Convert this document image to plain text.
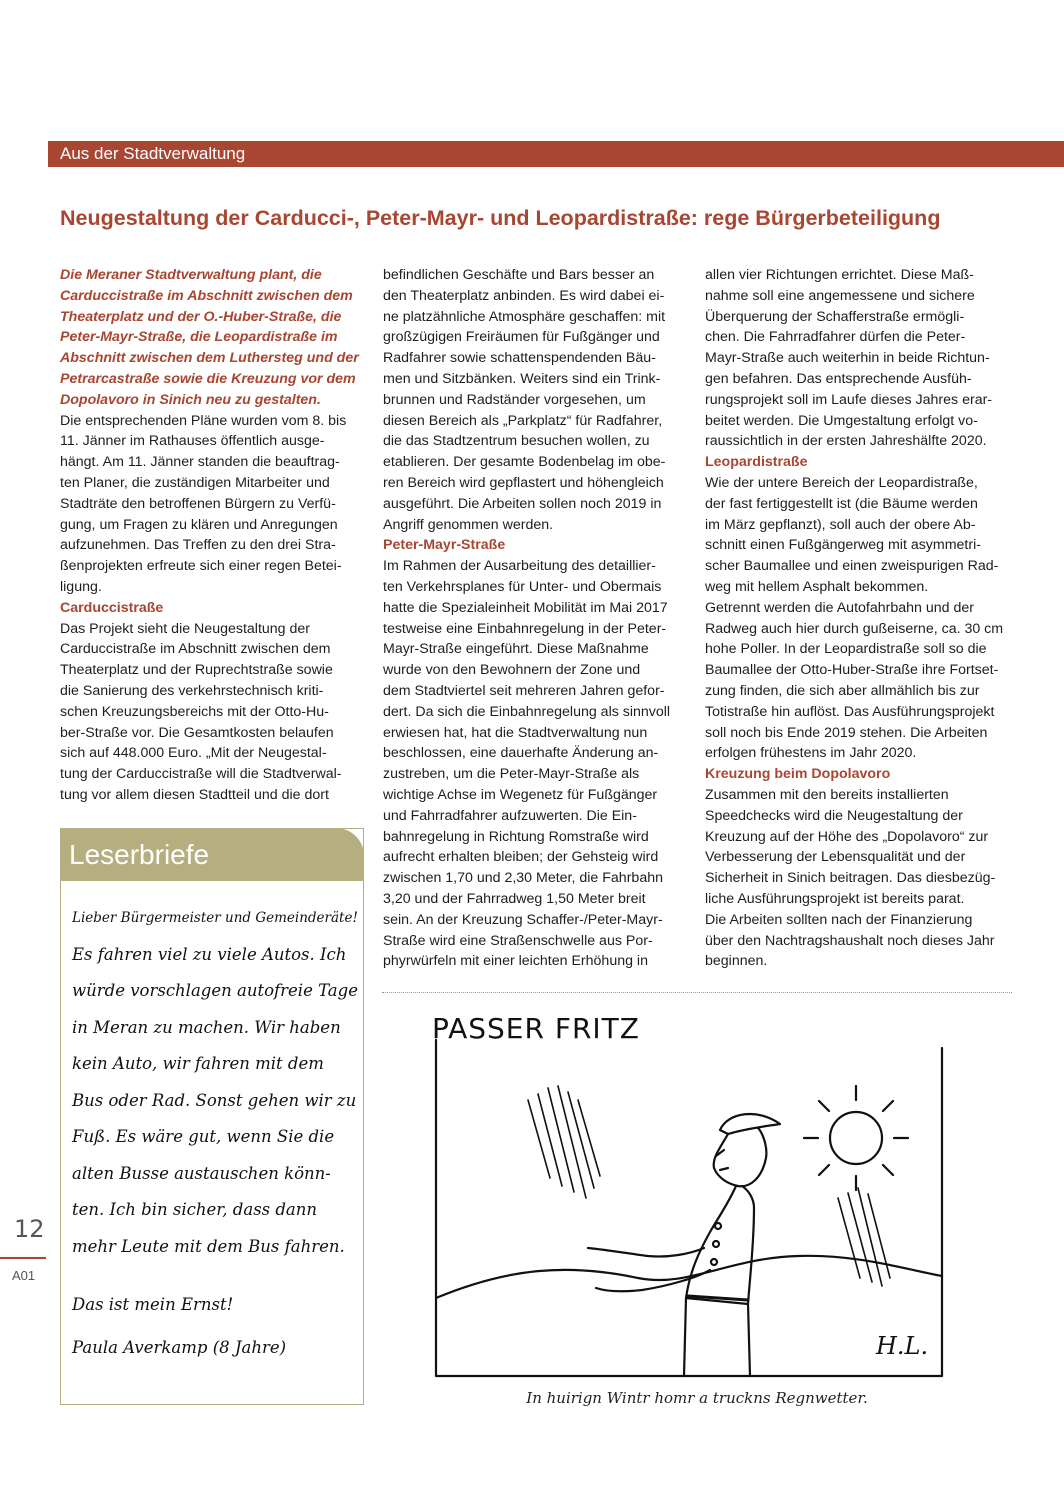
Aus der Stadtverwaltung
Neugestaltung der Carducci-, Peter-Mayr- und Leopardistraße: rege Bürgerbeteiligung

Die Meraner Stadtverwaltung plant, die

Carduccistraße im Abschnitt zwischen dem

Theaterplatz und der O.-Huber-Straße, die

Peter-Mayr-Straße, die Leopardistraße im

Abschnitt zwischen dem Luthersteg und der

Petrarcastraße sowie die Kreuzung vor dem

Dopolavoro in Sinich neu zu gestalten.

Die entsprechenden Pläne wurden vom 8. bis

11. Jänner im Rathauses öffentlich ausge-

hängt. Am 11. Jänner standen die beauftrag-

ten Planer, die zuständigen Mitarbeiter und

Stadträte den betroffenen Bürgern zu Verfü-

gung, um Fragen zu klären und Anregungen

aufzunehmen. Das Treffen zu den drei Stra-

ßenprojekten erfreute sich einer regen Betei-

ligung.

Carduccistraße

Das Projekt sieht die Neugestaltung der

Carduccistraße im Abschnitt zwischen dem

Theaterplatz und der Ruprechtstraße sowie

die Sanierung des verkehrstechnisch kriti-

schen Kreuzungsbereichs mit der Otto-Hu-

ber-Straße vor. Die Gesamtkosten belaufen

sich auf 448.000 Euro. „Mit der Neugestal-

tung der Carduccistraße will die Stadtverwal-

tung vor allem diesen Stadtteil und die dort

befindlichen Geschäfte und Bars besser an

den Theaterplatz anbinden. Es wird dabei ei-

ne platzähnliche Atmosphäre geschaffen: mit

großzügigen Freiräumen für Fußgänger und

Radfahrer sowie schattenspendenden Bäu-

men und Sitzbänken. Weiters sind ein Trink-

brunnen und Radständer vorgesehen, um

diesen Bereich als „Parkplatz“ für Radfahrer,

die das Stadtzentrum besuchen wollen, zu

etablieren. Der gesamte Bodenbelag im obe-

ren Bereich wird gepflastert und höhengleich

ausgeführt. Die Arbeiten sollen noch 2019 in

Angriff genommen werden.

Peter-Mayr-Straße

Im Rahmen der Ausarbeitung des detaillier-

ten Verkehrsplanes für Unter- und Obermais

hatte die Spezialeinheit Mobilität im Mai 2017

testweise eine Einbahnregelung in der Peter-

Mayr-Straße eingeführt. Diese Maßnahme

wurde von den Bewohnern der Zone und

dem Stadtviertel seit mehreren Jahren gefor-

dert. Da sich die Einbahnregelung als sinnvoll

erwiesen hat, hat die Stadtverwaltung nun

beschlossen, eine dauerhafte Änderung an-

zustreben, um die Peter-Mayr-Straße als

wichtige Achse im Wegenetz für Fußgänger

und Fahrradfahrer aufzuwerten. Die Ein-

bahnregelung in Richtung Romstraße wird

aufrecht erhalten bleiben; der Gehsteig wird

zwischen 1,70 und 2,30 Meter, die Fahrbahn

3,20 und der Fahrradweg 1,50 Meter breit

sein. An der Kreuzung Schaffer-/Peter-Mayr-

Straße wird eine Straßenschwelle aus Por-

phyrwürfeln mit einer leichten Erhöhung in

allen vier Richtungen errichtet. Diese Maß-

nahme soll eine angemessene und sichere

Überquerung der Schafferstraße ermögli-

chen. Die Fahrradfahrer dürfen die Peter-

Mayr-Straße auch weiterhin in beide Richtun-

gen befahren. Das entsprechende Ausfüh-

rungsprojekt soll im Laufe dieses Jahres erar-

beitet werden. Die Umgestaltung erfolgt vo-

raussichtlich in der ersten Jahreshälfte 2020.

Leopardistraße

Wie der untere Bereich der Leopardistraße,

der fast fertiggestellt ist (die Bäume werden

im März gepflanzt), soll auch der obere Ab-

schnitt einen Fußgängerweg mit asymmetri-

scher Baumallee und einen zweispurigen Rad-

weg mit hellem Asphalt bekommen.

Getrennt werden die Autofahrbahn und der

Radweg auch hier durch gußeiserne, ca. 30 cm

hohe Poller. In der Leopardistraße soll so die

Baumallee der Otto-Huber-Straße ihre Fortset-

zung finden, die sich aber allmählich bis zur

Totistraße hin auflöst. Das Ausführungsprojekt

soll noch bis Ende 2019 stehen. Die Arbeiten

erfolgen frühestens im Jahr 2020.

Kreuzung beim Dopolavoro

Zusammen mit den bereits installierten

Speedchecks wird die Neugestaltung der

Kreuzung auf der Höhe des „Dopolavoro“ zur

Verbesserung der Lebensqualität und der

Sicherheit in Sinich beitragen. Das diesbezüg-

liche Ausführungsprojekt ist bereits parat.

Die Arbeiten sollten nach der Finanzierung

über den Nachtragshaushalt noch dieses Jahr

beginnen.

Leserbriefe

Lieber Bürgermeister und Gemeinderäte!

Es fahren viel zu viele Autos. Ich

würde vorschlagen autofreie Tage

in Meran zu machen. Wir haben

kein Auto, wir fahren mit dem

Bus oder Rad. Sonst gehen wir zu

Fuß. Es wäre gut, wenn Sie die

alten Busse austauschen könn-

ten. Ich bin sicher, dass dann

mehr Leute mit dem Bus fahren.

Das ist mein Ernst!

Paula Averkamp (8 Jahre)

12
A01
PASSER FRITZ
H.L.
In huirign Wintr homr a truckns Regnwetter.
